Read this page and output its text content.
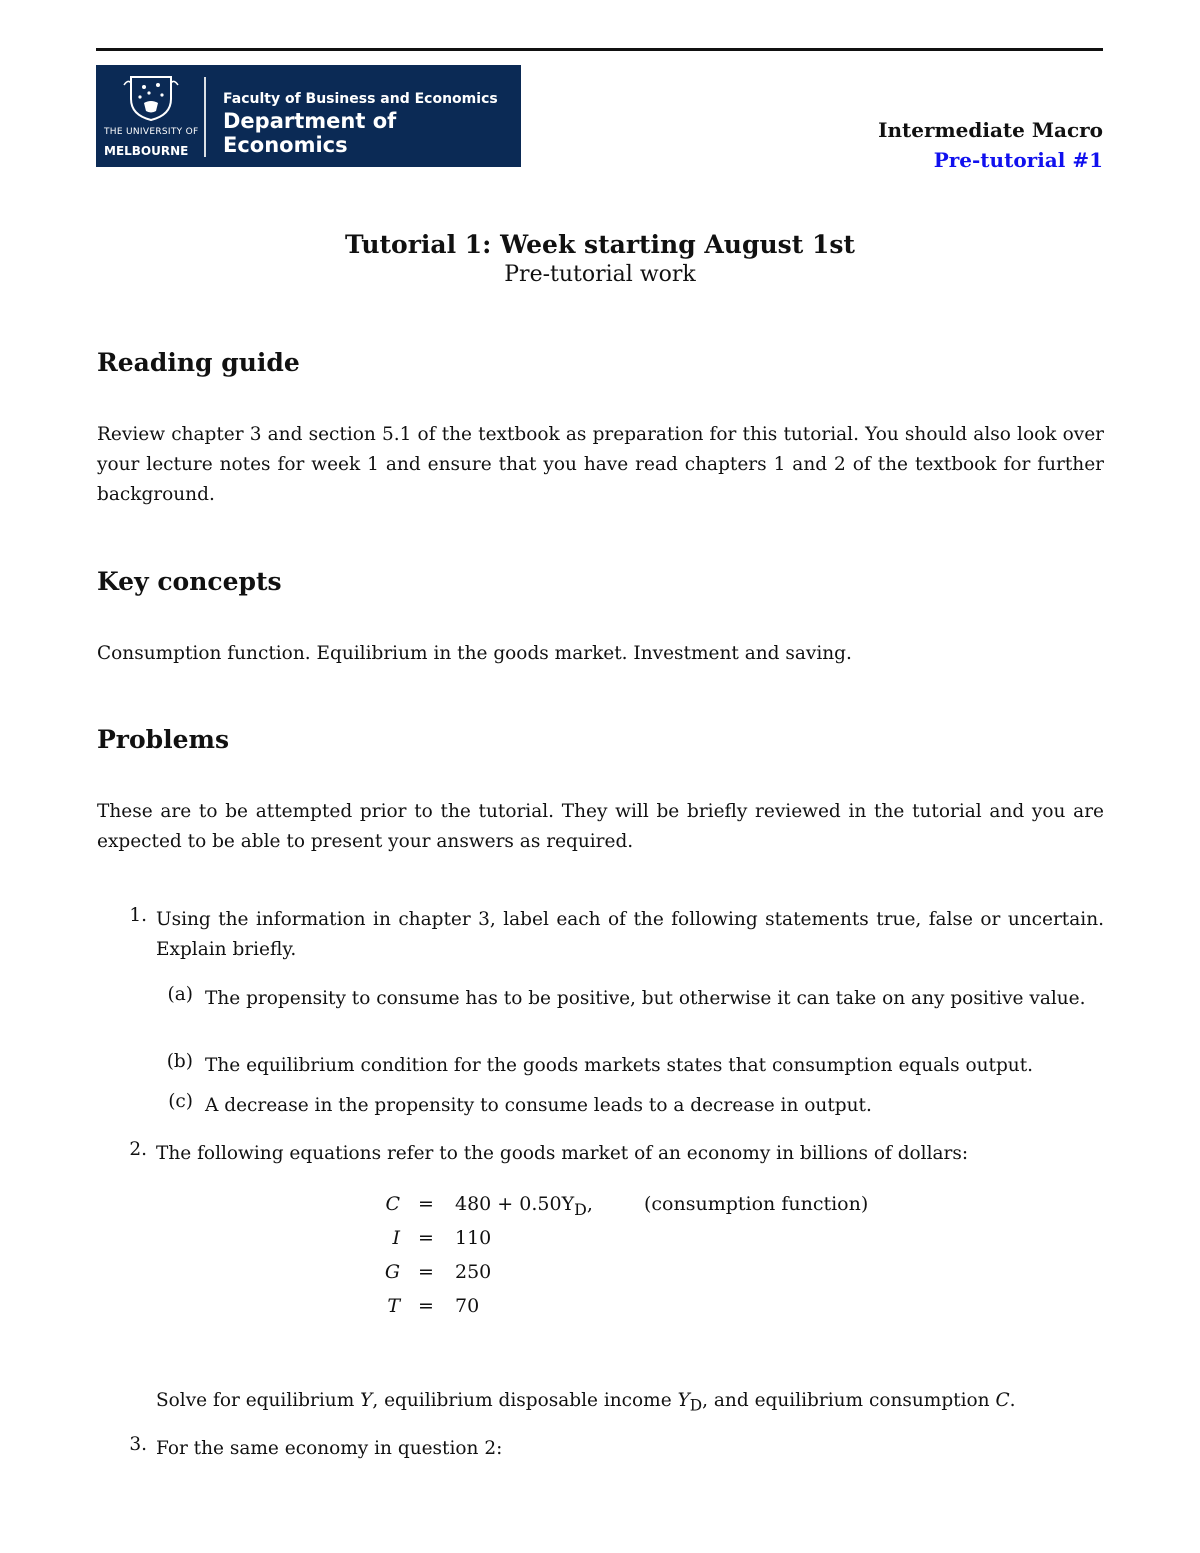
THE UNIVERSITY OF
MELBOURNE
Faculty of Business and Economics
Department of Economics
Intermediate Macro
Pre-tutorial #1
Tutorial 1: Week starting August 1st
Pre-tutorial work
Reading guide

Review chapter 3 and section 5.1 of the textbook as preparation for this tutorial. You should also look over your lecture notes for week 1 and ensure that you have read chapters 1 and 2 of the textbook for further background.

Key concepts

Consumption function. Equilibrium in the goods market. Investment and saving.

Problems

These are to be attempted prior to the tutorial. They will be briefly reviewed in the tutorial and you are expected to be able to present your answers as required.

1. Using the information in chapter 3, label each of the following statements true, false or uncertain. Explain briefly.

(a) The propensity to consume has to be positive, but otherwise it can take on any positive value.

(b) The equilibrium condition for the goods markets states that consumption equals output.

(c) A decrease in the propensity to consume leads to a decrease in output.

2. The following equations refer to the goods market of an economy in billions of dollars:

$C = 480 + 0.50Y_D$,	(consumption function)
I = 110
G = 250
T = 70

Solve for equilibrium Y, equilibrium disposable income $Y_D$, and equilibrium consumption C.

3. For the same economy in question 2:
